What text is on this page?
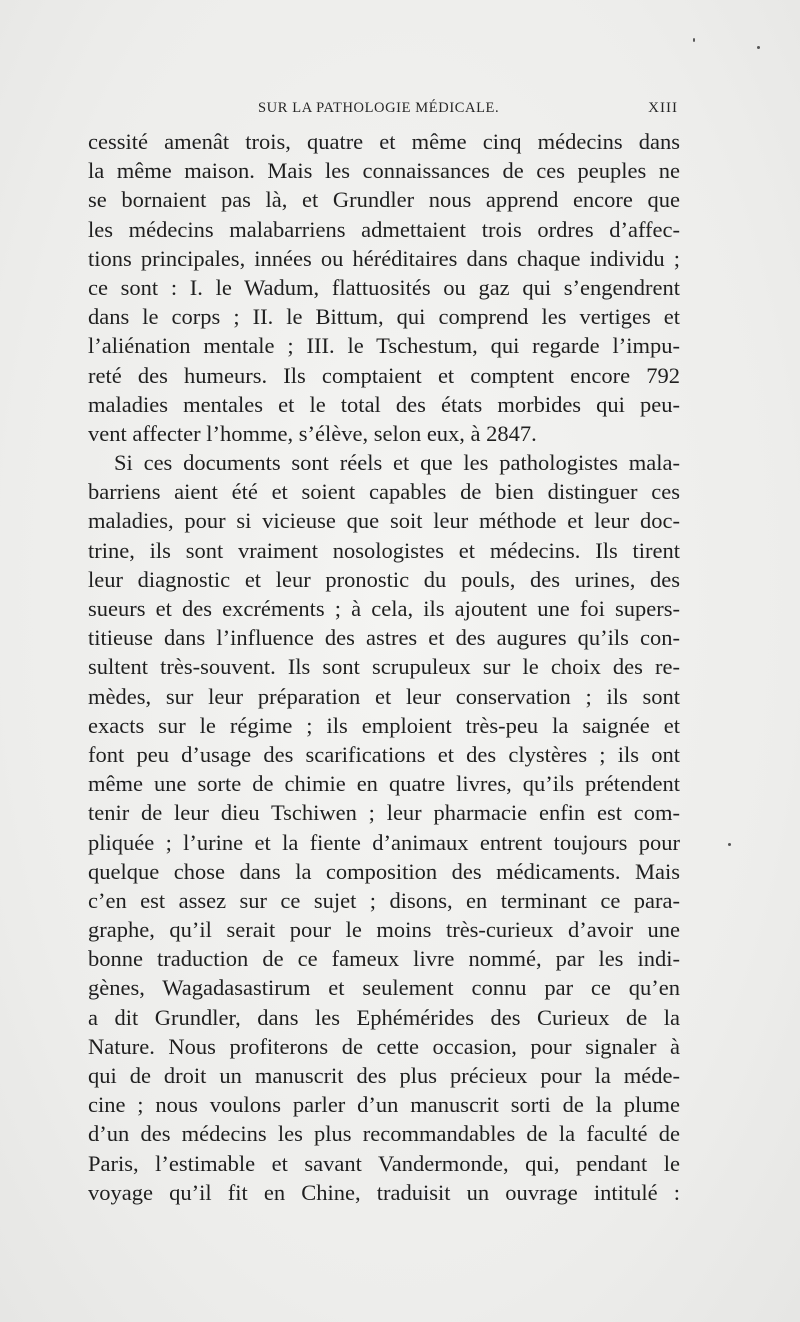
SUR LA PATHOLOGIE MÉDICALE.	XIII
cessité amenât trois, quatre et même cinq médecins dans
la même maison. Mais les connaissances de ces peuples ne
se bornaient pas là, et Grundler nous apprend encore que
les médecins malabarriens admettaient trois ordres d’affec-
tions principales, innées ou héréditaires dans chaque individu ;
ce sont : I. le Wadum, flattuosités ou gaz qui s’engendrent
dans le corps ; II. le Bittum, qui comprend les vertiges et
l’aliénation mentale ; III. le Tschestum, qui regarde l’impu-
reté des humeurs. Ils comptaient et comptent encore 792
maladies mentales et le total des états morbides qui peu-
vent affecter l’homme, s’élève, selon eux, à 2847.
Si ces documents sont réels et que les pathologistes mala-
barriens aient été et soient capables de bien distinguer ces
maladies, pour si vicieuse que soit leur méthode et leur doc-
trine, ils sont vraiment nosologistes et médecins. Ils tirent
leur diagnostic et leur pronostic du pouls, des urines, des
sueurs et des excréments ; à cela, ils ajoutent une foi supers-
titieuse dans l’influence des astres et des augures qu’ils con-
sultent très-souvent. Ils sont scrupuleux sur le choix des re-
mèdes, sur leur préparation et leur conservation ; ils sont
exacts sur le régime ; ils emploient très-peu la saignée et
font peu d’usage des scarifications et des clystères ; ils ont
même une sorte de chimie en quatre livres, qu’ils prétendent
tenir de leur dieu Tschiwen ; leur pharmacie enfin est com-
pliquée ; l’urine et la fiente d’animaux entrent toujours pour
quelque chose dans la composition des médicaments. Mais
c’en est assez sur ce sujet ; disons, en terminant ce para-
graphe, qu’il serait pour le moins très-curieux d’avoir une
bonne traduction de ce fameux livre nommé, par les indi-
gènes, Wagadasastirum et seulement connu par ce qu’en
a dit Grundler, dans les Ephémérides des Curieux de la
Nature. Nous profiterons de cette occasion, pour signaler à
qui de droit un manuscrit des plus précieux pour la méde-
cine ; nous voulons parler d’un manuscrit sorti de la plume
d’un des médecins les plus recommandables de la faculté de
Paris, l’estimable et savant Vandermonde, qui, pendant le
voyage qu’il fit en Chine, traduisit un ouvrage intitulé :
